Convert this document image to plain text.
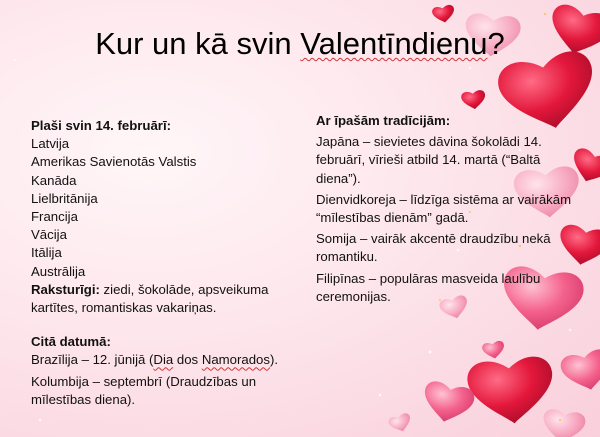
Kur un kā svin Valentīndienu?
Plaši svin 14. februārī:
Latvija
Amerikas Savienotās Valstis
Kanāda
Lielbritānija
Francija
Vācija
Itālija
Austrālija
Raksturīgi: ziedi, šokolāde, apsveikuma kartītes, romantiskas vakariņas.
Citā datumā:
Brazīlija – 12. jūnijā (Dia dos Namorados).
Kolumbija – septembrī (Draudzības un mīlestības diena).
Ar īpašām tradīcijām:
Japāna – sievietes dāvina šokolādi 14. februārī, vīrieši atbild 14. martā (“Baltā diena”).
Dienvidkoreja – līdzīga sistēma ar vairākām “mīlestības dienām” gadā.
Somija – vairāk akcentē draudzību nekā romantiku.
Filipīnas – populāras masveida laulību ceremonijas.
